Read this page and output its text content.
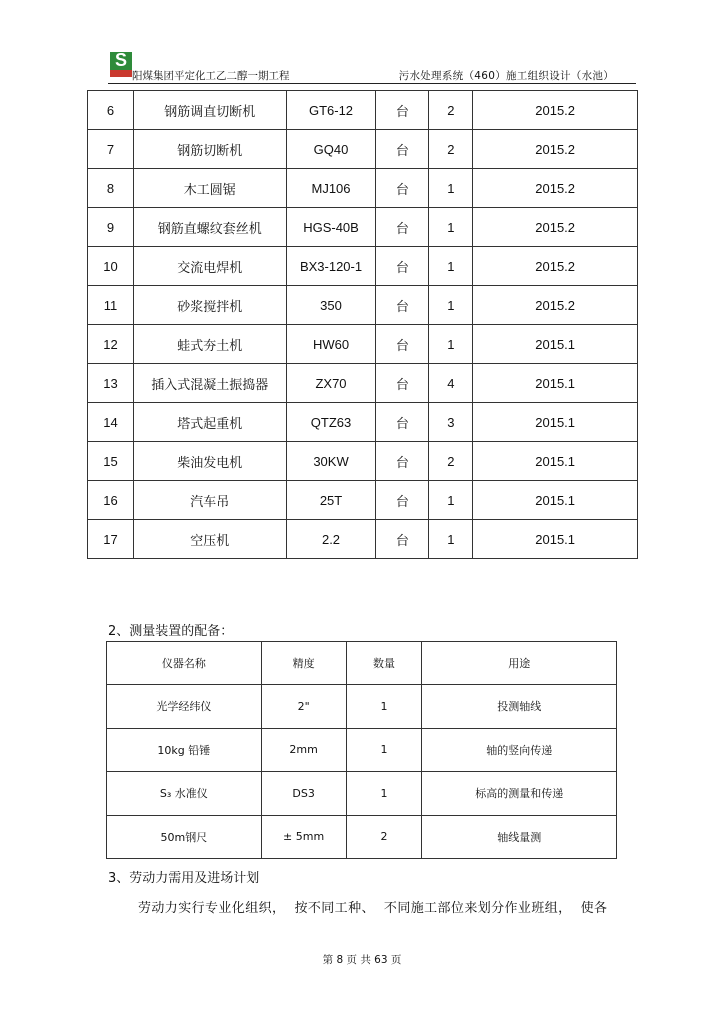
S
阳煤集团平定化工乙二醇一期工程	污水处理系统（460）施工组织设计（水池）
6	钢筋调直切断机	GT6-12	台	2	2015.2
7	钢筋切断机	GQ40	台	2	2015.2
8	木工圆锯	MJ106	台	1	2015.2
9	钢筋直螺纹套丝机	HGS-40B	台	1	2015.2
10	交流电焊机	BX3-120-1	台	1	2015.2
11	砂浆搅拌机	350	台	1	2015.2
12	蛙式夯土机	HW60	台	1	2015.1
13	插入式混凝土振捣器	ZX70	台	4	2015.1
14	塔式起重机	QTZ63	台	3	2015.1
15	柴油发电机	30KW	台	2	2015.1
16	汽车吊	25T	台	1	2015.1
17	空压机	2.2	台	1	2015.1
2、测量装置的配备：
仪器名称	精度	数量	用途
光学经纬仪	2"	1	投测轴线
10kg 铅锤	2mm	1	轴的竖向传递
S₃ 水准仪	DS3	1	标高的测量和传递
50m钢尺	± 5mm	2	轴线量测
3、劳动力需用及进场计划
劳动力实行专业化组织，  按不同工种、  不同施工部位来划分作业班组，  使各
第 8 页 共 63 页
